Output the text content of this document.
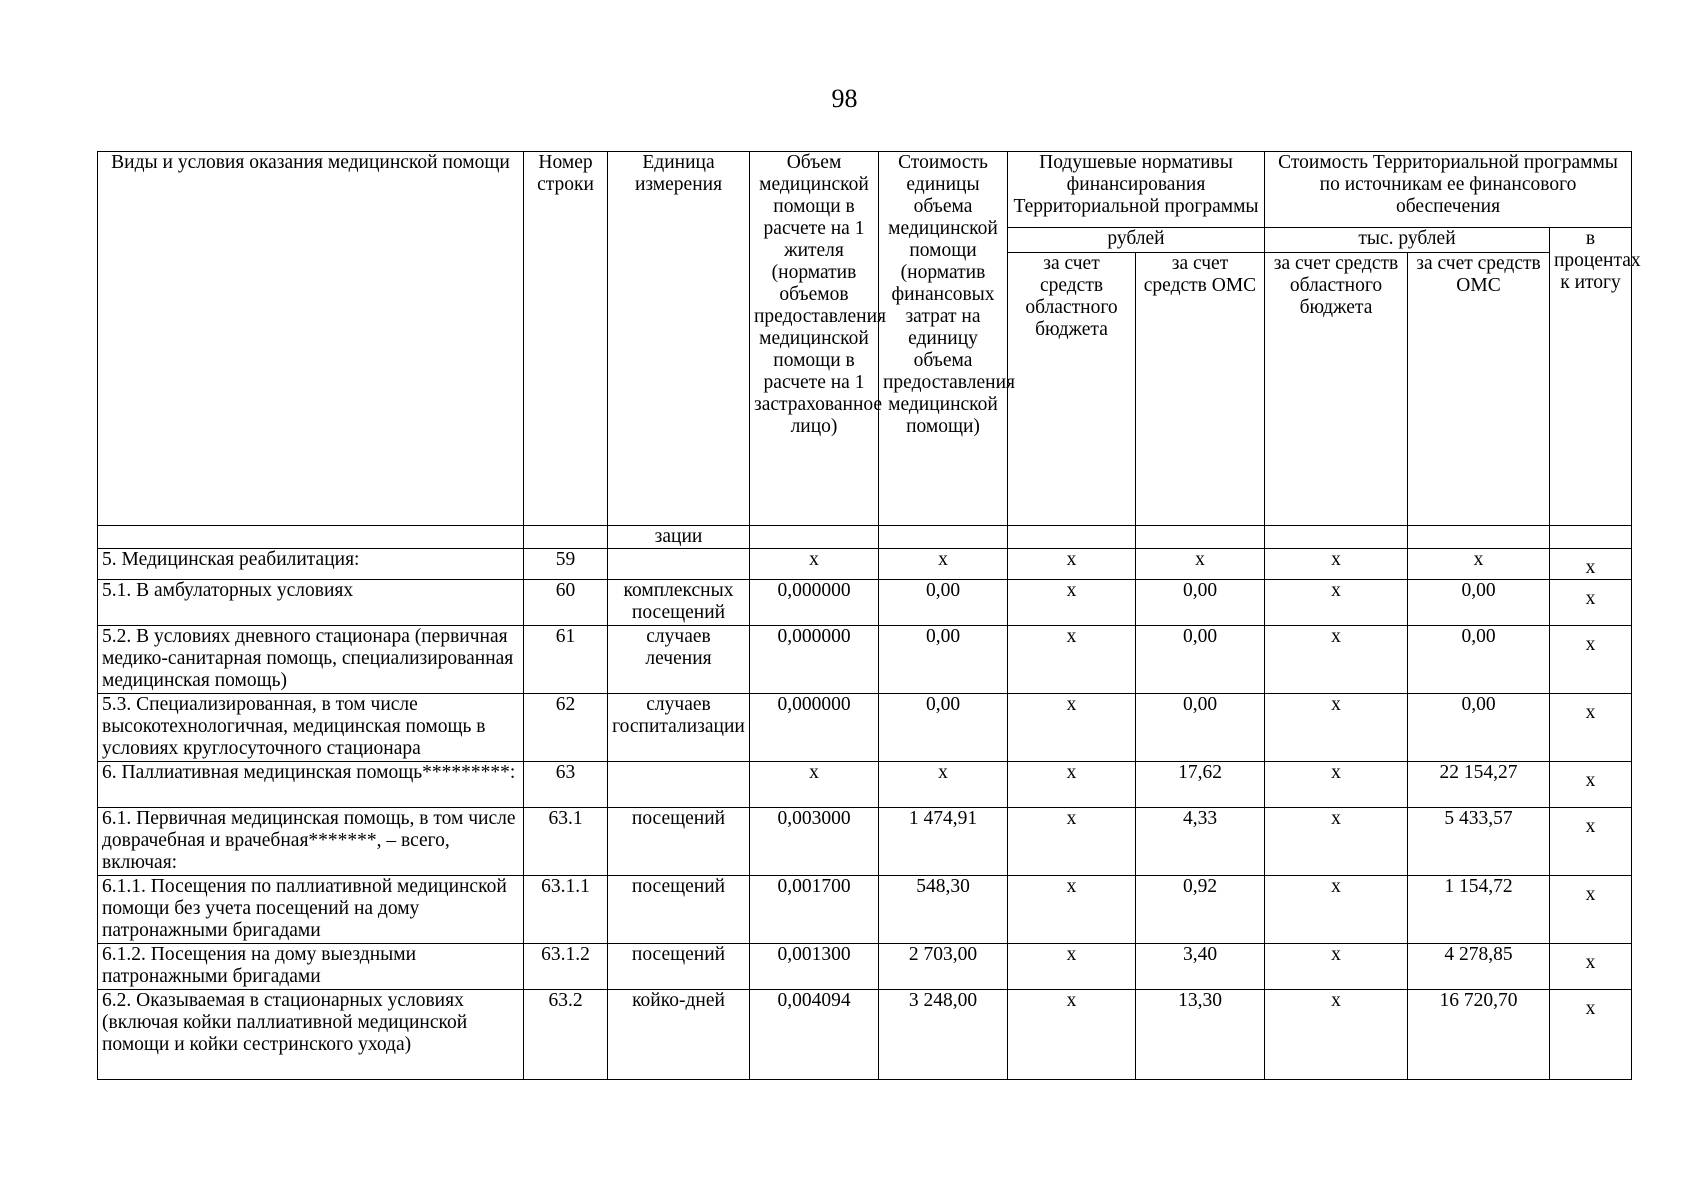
98
Виды и условия оказания медицинской помощи	Номер строки	Единица измерения	Объем медицинской помощи в расчете на 1 жителя (норматив объемов предоставления медицинской помощи в расчете на 1 застрахованное лицо)	Стоимость единицы объема медицинской помощи (норматив финансовых затрат на единицу объема предоставления медицинской помощи)	Подушевые нормативы финансирования Территориальной программы		Стоимость Территориальной программы по источникам ее финансового обеспечения		
					рублей		тыс. рублей		в процентах к итогу
					за счет средств областного бюджета	за счет средств ОМС	за счет средств областного бюджета	за счет средств ОМС	
		зации							
5. Медицинская реабилитация:	59		х	х	х	х	х	х	х
5.1. В амбулаторных условиях	60	комплексных посещений	0,000000	0,00	х	0,00	х	0,00	х
5.2. В условиях дневного стационара (первичная медико-санитарная помощь, специализированная медицинская помощь)	61	случаев лечения	0,000000	0,00	х	0,00	х	0,00	х
5.3. Специализированная, в том числе высокотехнологичная, медицинская помощь в условиях круглосуточного стационара	62	случаев госпитализации	0,000000	0,00	х	0,00	х	0,00	х
6. Паллиативная медицинская помощь*********:	63		х	х	х	17,62	х	22 154,27	х
6.1. Первичная медицинская помощь, в том числе доврачебная и врачебная*******, – всего, включая:	63.1	посещений	0,003000	1 474,91	х	4,33	х	5 433,57	х
6.1.1. Посещения по паллиативной медицинской помощи без учета посещений на дому патронажными бригадами	63.1.1	посещений	0,001700	548,30	х	0,92	х	1 154,72	х
6.1.2. Посещения на дому выездными патронажными бригадами	63.1.2	посещений	0,001300	2 703,00	х	3,40	х	4 278,85	х
6.2. Оказываемая в стационарных условиях (включая койки паллиативной медицинской помощи и койки сестринского ухода)	63.2	койко-дней	0,004094	3 248,00	х	13,30	х	16 720,70	х
